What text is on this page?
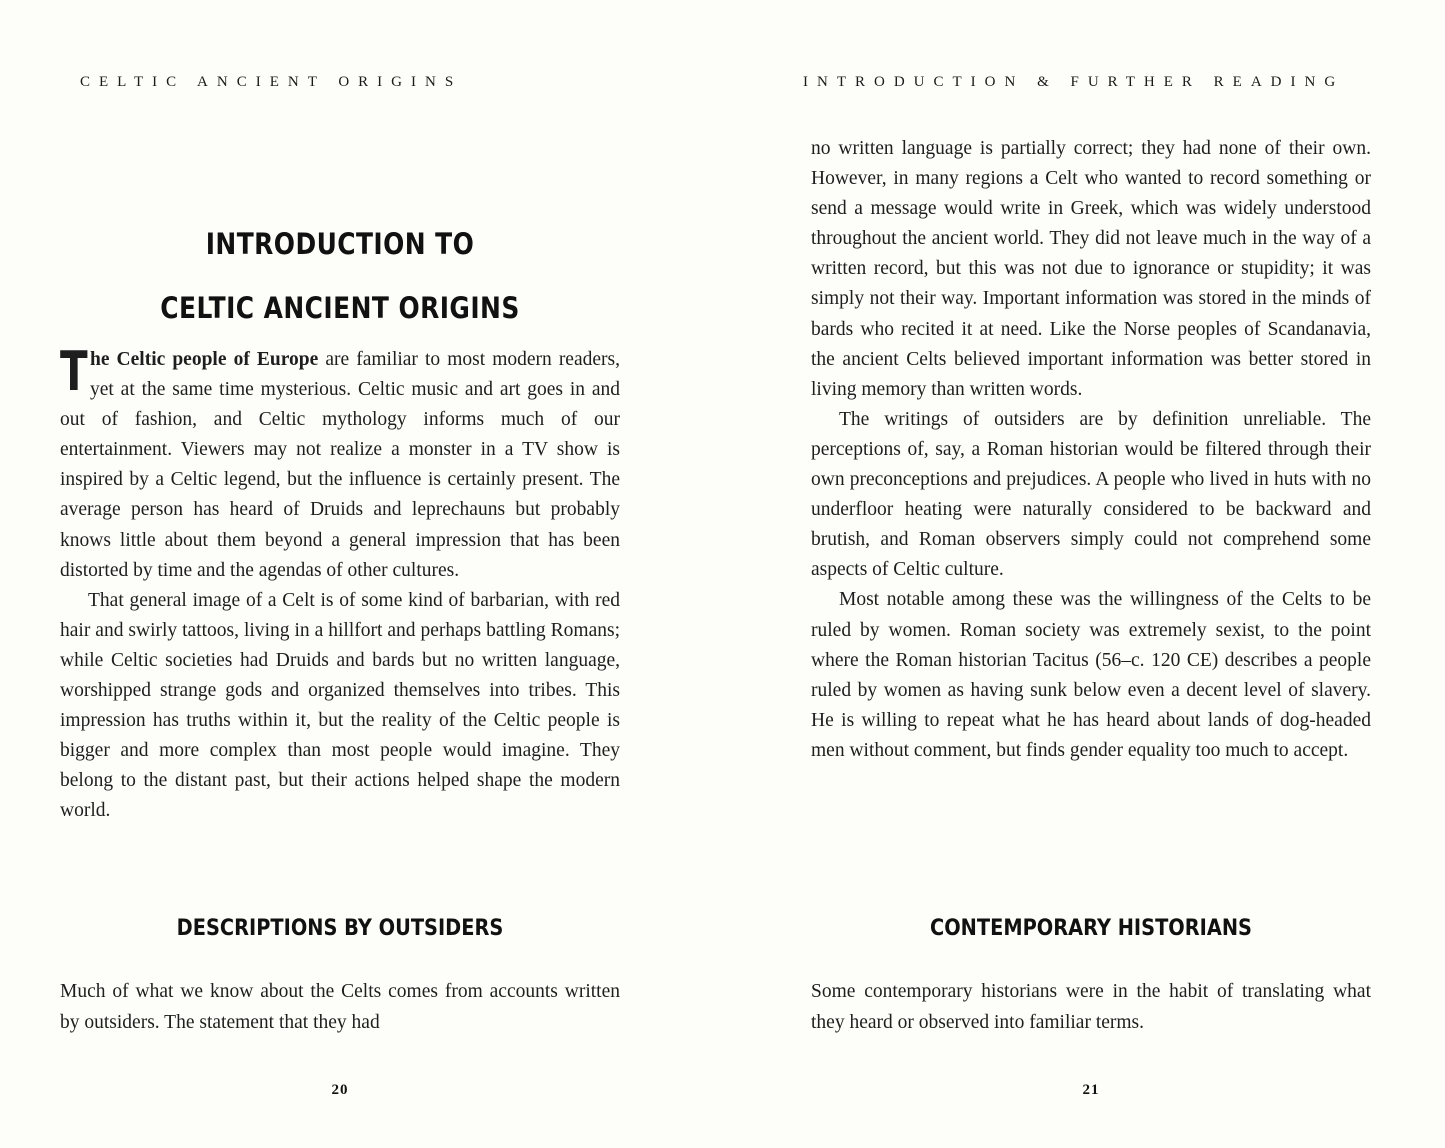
CELTIC ANCIENT ORIGINS
INTRODUCTION TO
CELTIC ANCIENT ORIGINS

The Celtic people of Europe are familiar to most modern readers, yet at the same time mysterious. Celtic music and art goes in and out of fashion, and Celtic mythology informs much of our entertainment. Viewers may not realize a monster in a TV show is inspired by a Celtic legend, but the influence is certainly present. The average person has heard of Druids and leprechauns but probably knows little about them beyond a general impression that has been distorted by time and the agendas of other cultures.

That general image of a Celt is of some kind of barbarian, with red hair and swirly tattoos, living in a hillfort and perhaps battling Romans; while Celtic societies had Druids and bards but no written language, worshipped strange gods and organized themselves into tribes. This impression has truths within it, but the reality of the Celtic people is bigger and more complex than most people would imagine. They belong to the distant past, but their actions helped shape the modern world.

DESCRIPTIONS BY OUTSIDERS

Much of what we know about the Celts comes from accounts written by outsiders. The statement that they had

20
INTRODUCTION & FURTHER READING

no written language is partially correct; they had none of their own. However, in many regions a Celt who wanted to record something or send a message would write in Greek, which was widely understood throughout the ancient world. They did not leave much in the way of a written record, but this was not due to ignorance or stupidity; it was simply not their way. Important information was stored in the minds of bards who recited it at need. Like the Norse peoples of Scandanavia, the ancient Celts believed important information was better stored in living memory than written words.

The writings of outsiders are by definition unreliable. The perceptions of, say, a Roman historian would be filtered through their own preconceptions and prejudices. A people who lived in huts with no underfloor heating were naturally considered to be backward and brutish, and Roman observers simply could not comprehend some aspects of Celtic culture.

Most notable among these was the willingness of the Celts to be ruled by women. Roman society was extremely sexist, to the point where the Roman historian Tacitus (56–c. 120 CE) describes a people ruled by women as having sunk below even a decent level of slavery. He is willing to repeat what he has heard about lands of dog-headed men without comment, but finds gender equality too much to accept.

CONTEMPORARY HISTORIANS

Some contemporary historians were in the habit of translating what they heard or observed into familiar terms.

21
